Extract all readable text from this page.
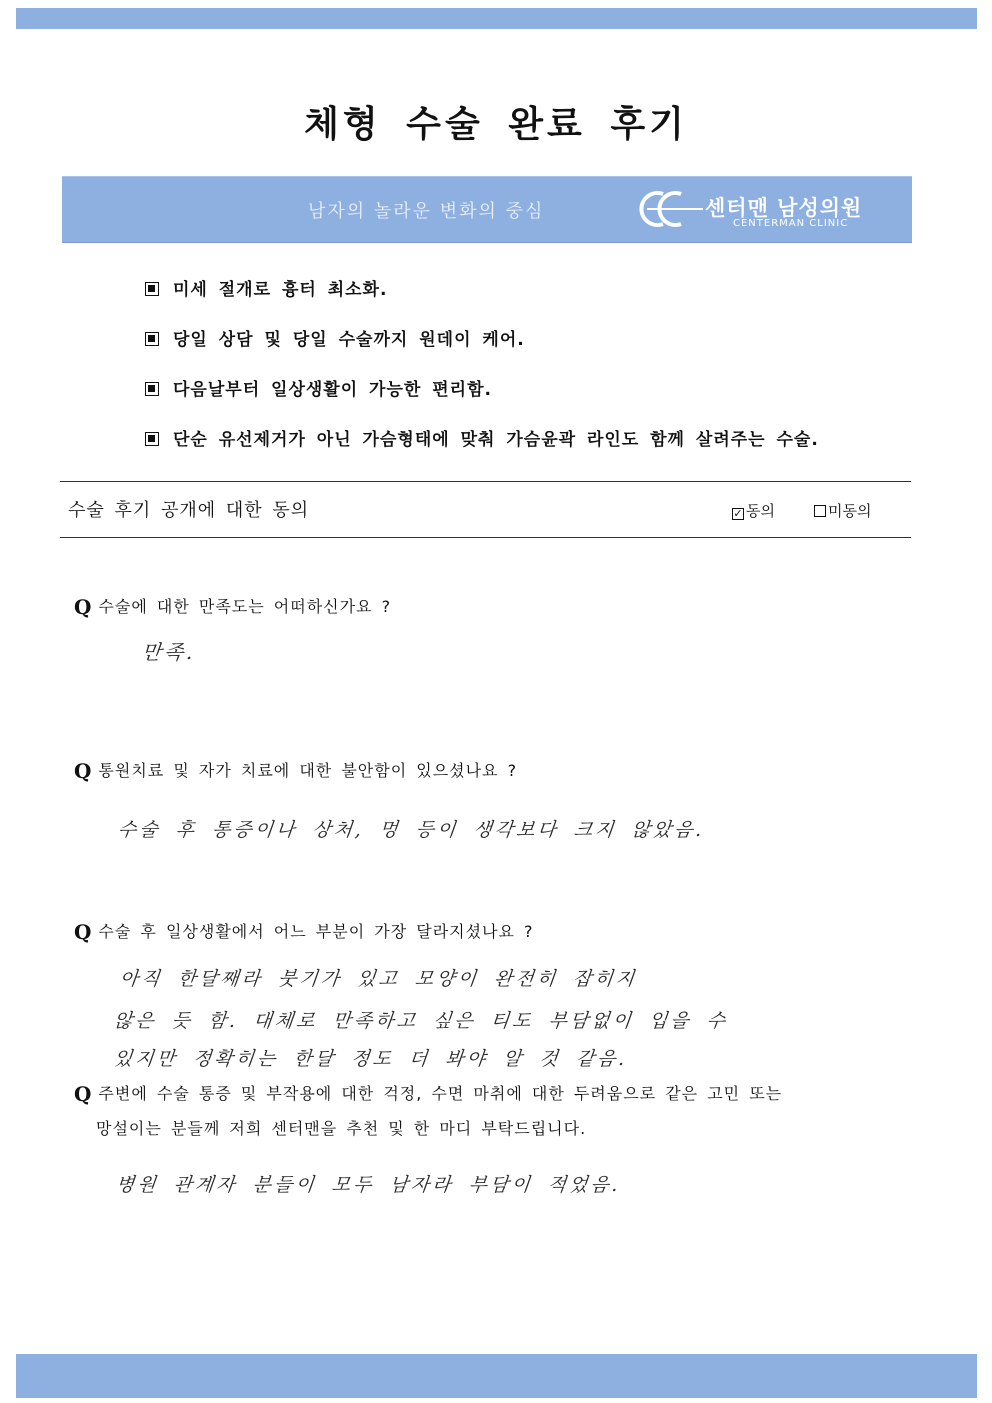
체형 수술 완료 후기
남자의 놀라운 변화의 중심	센터맨 남성의원
CENTERMAN CLINIC
미세 절개로 흉터 최소화.
당일 상담 및 당일 수술까지 원데이 케어.
다음날부터 일상생활이 가능한 편리함.
단순 유선제거가 아닌 가슴형태에 맞춰 가슴윤곽 라인도 함께 살려주는 수술.
수술 후기 공개에 대한 동의	✓ 동의	미동의
Q 수술에 대한 만족도는 어떠하신가요 ?
만족.
Q 통원치료 및 자가 치료에 대한 불안함이 있으셨나요 ?
수술 후 통증이나 상처, 멍 등이 생각보다 크지 않았음.
Q 수술 후 일상생활에서 어느 부분이 가장 달라지셨나요 ?
아직 한달째라 붓기가 있고 모양이 완전히 잡히지
않은 듯 함. 대체로 만족하고 싶은 티도 부담없이 입을 수
있지만 정확히는 한달 정도 더 봐야 알 것 같음.
Q 주변에 수술 통증 및 부작용에 대한 걱정, 수면 마취에 대한 두려움으로 같은 고민 또는
망설이는 분들께 저희 센터맨을 추천 및 한 마디 부탁드립니다.
병원 관계자 분들이 모두 남자라 부담이 적었음.
